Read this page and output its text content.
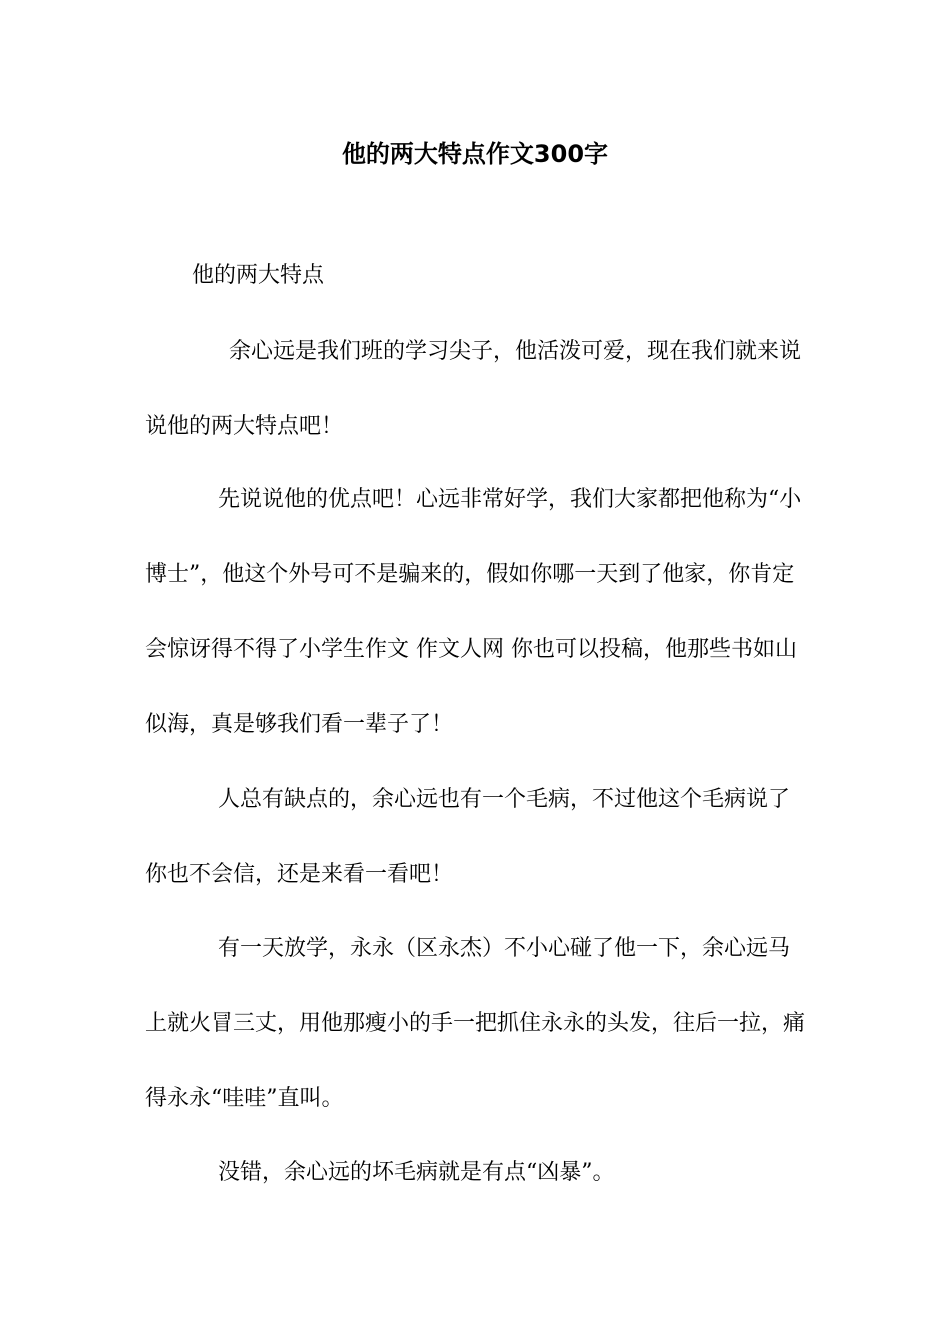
他的两大特点作文300字
他的两大特点

余心远是我们班的学习尖子，他活泼可爱，现在我们就来说说他的两大特点吧！

先说说他的优点吧！心远非常好学，我们大家都把他称为“小博士”，他这个外号可不是骗来的，假如你哪一天到了他家，你肯定会惊讶得不得了小学生作文 作文人网 你也可以投稿，他那些书如山似海，真是够我们看一辈子了！

人总有缺点的，余心远也有一个毛病，不过他这个毛病说了你也不会信，还是来看一看吧！

有一天放学，永永（区永杰）不小心碰了他一下，余心远马上就火冒三丈，用他那瘦小的手一把抓住永永的头发，往后一拉，痛得永永“哇哇”直叫。

没错，余心远的坏毛病就是有点“凶暴”。
